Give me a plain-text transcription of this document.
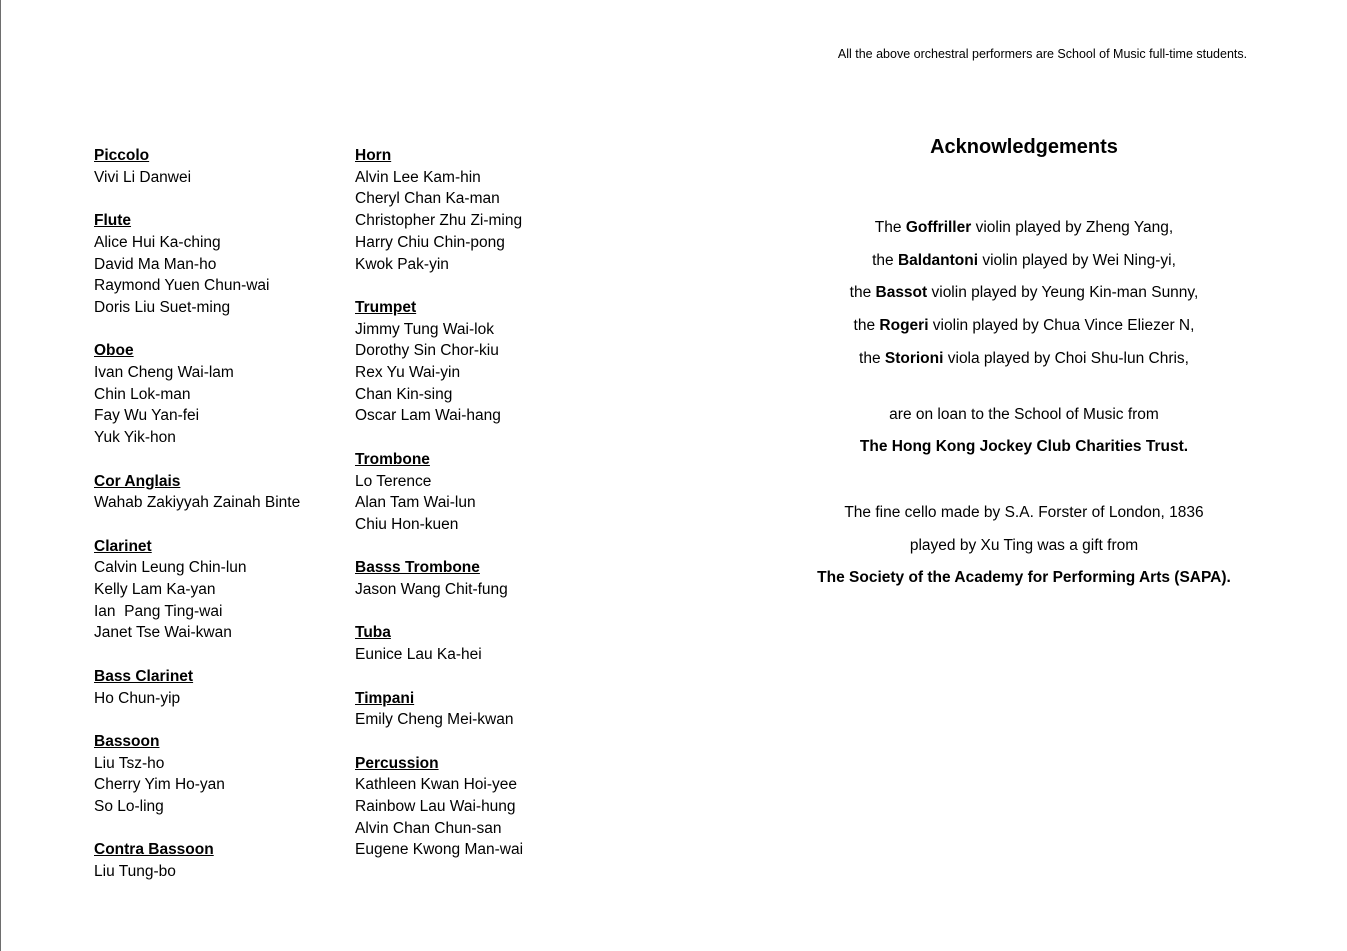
All the above orchestral performers are School of Music full-time students.
Piccolo
Vivi Li Danwei
Flute
Alice Hui Ka-ching
David Ma Man-ho
Raymond Yuen Chun-wai
Doris Liu Suet-ming
Oboe
Ivan Cheng Wai-lam
Chin Lok-man
Fay Wu Yan-fei
Yuk Yik-hon
Cor Anglais
Wahab Zakiyyah Zainah Binte
Clarinet
Calvin Leung Chin-lun
Kelly Lam Ka-yan
Ian  Pang Ting-wai
Janet Tse Wai-kwan
Bass Clarinet
Ho Chun-yip
Bassoon
Liu Tsz-ho
Cherry Yim Ho-yan
So Lo-ling
Contra Bassoon
Liu Tung-bo
Horn
Alvin Lee Kam-hin
Cheryl Chan Ka-man
Christopher Zhu Zi-ming
Harry Chiu Chin-pong
Kwok Pak-yin
Trumpet
Jimmy Tung Wai-lok
Dorothy Sin Chor-kiu
Rex Yu Wai-yin
Chan Kin-sing
Oscar Lam Wai-hang
Trombone
Lo Terence
Alan Tam Wai-lun
Chiu Hon-kuen
Basss Trombone
Jason Wang Chit-fung
Tuba
Eunice Lau Ka-hei
Timpani
Emily Cheng Mei-kwan
Percussion
Kathleen Kwan Hoi-yee
Rainbow Lau Wai-hung
Alvin Chan Chun-san
Eugene Kwong Man-wai
Acknowledgements
The Goffriller violin played by Zheng Yang,
the Baldantoni violin played by Wei Ning-yi,
the Bassot violin played by Yeung Kin-man Sunny,
the Rogeri violin played by Chua Vince Eliezer N,
the Storioni viola played by Choi Shu-lun Chris,
are on loan to the School of Music from
The Hong Kong Jockey Club Charities Trust.
The fine cello made by S.A. Forster of London, 1836
played by Xu Ting was a gift from
The Society of the Academy for Performing Arts (SAPA).
